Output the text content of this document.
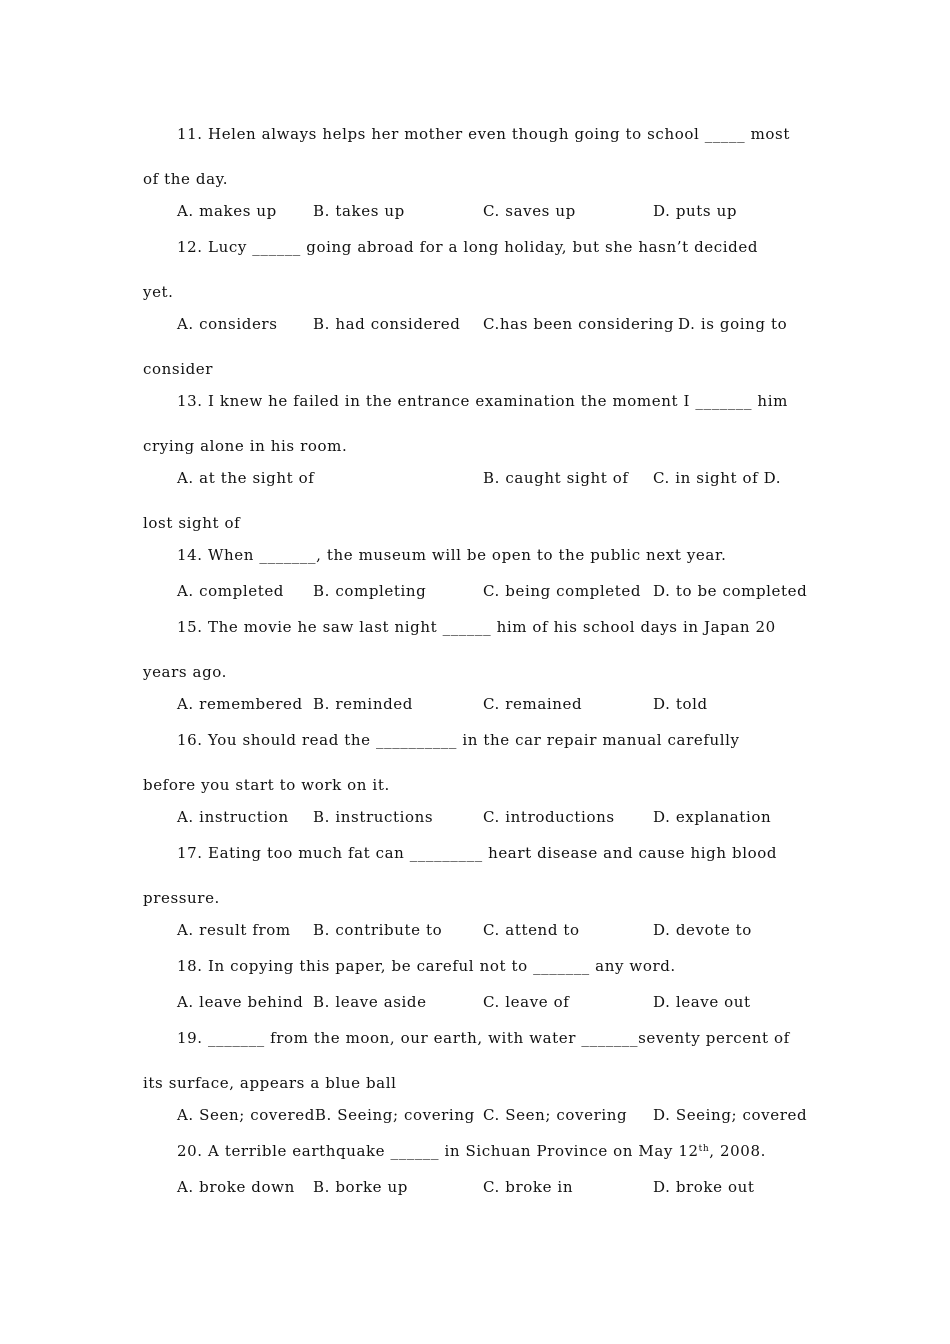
11. Helen always helps her mother even though going to school _____ most
of the day.
A. makes up B. takes up	C. saves up	D. puts up
12. Lucy ______ going abroad for a long holiday, but she hasn’t decided
yet.
A. considers B. had considered C.has been considering D. is going to
consider
13. I knew he failed in the entrance examination the moment I _______ him
crying alone in his room.
A. at the sight of	B. caught sight of C. in sight of D.
lost sight of
14. When _______, the museum will be open to the public next year.
A. completed B. completing	C. being completed D. to be completed
15. The movie he saw last night ______ him of his school days in Japan 20
years ago.
A. remembered B. reminded	C. remained	D. told
16. You should read the __________ in the car repair manual carefully
before you start to work on it.
A. instruction B. instructions	C. introductions	D. explanation
17. Eating too much fat can _________ heart disease and cause high blood
pressure.
A. result from B. contribute to	C. attend to	D. devote to
18. In copying this paper, be careful not to _______ any word.
A. leave behind B. leave aside	C. leave of	D. leave out
19. _______ from the moon, our earth, with water _______seventy percent of
its surface, appears a blue ball
A. Seen; coveredB. Seeing; covering C. Seen; covering D. Seeing; covered
20. A terrible earthquake ______ in Sichuan Province on May 12th, 2008.
A. broke down B. borke up	C. broke in	D. broke out
